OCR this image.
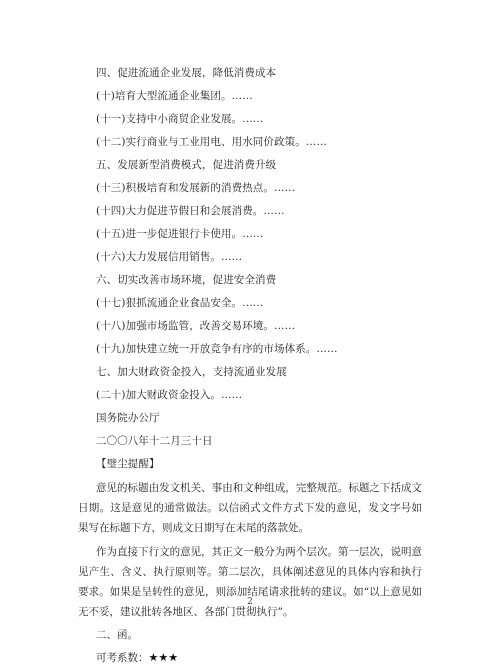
四、促进流通企业发展，降低消费成本
(十)培育大型流通企业集团。……
(十一)支持中小商贸企业发展。……
(十二)实行商业与工业用电、用水同价政策。……
五、发展新型消费模式，促进消费升级
(十三)积极培育和发展新的消费热点。……
(十四)大力促进节假日和会展消费。……
(十五)进一步促进银行卡使用。……
(十六)大力发展信用销售。……
六、切实改善市场环境，促进安全消费
(十七)狠抓流通企业食品安全。……
(十八)加强市场监管，改善交易环境。……
(十九)加快建立统一开放竞争有序的市场体系。……
七、加大财政资金投入，支持流通业发展
(二十)加大财政资金投入。……
国务院办公厅
二〇〇八年十二月三十日
【璧尘提醒】
意见的标题由发文机关、事由和文种组成，完整规范。标题之下括成文日期。这是意见的通常做法。以信函式文件方式下发的意见，发文字号如果写在标题下方，则成文日期写在末尾的落款处。
作为直接下行文的意见，其正文一般分为两个层次。第一层次，说明意见产生、含义、执行原则等。第二层次，具体阐述意见的具体内容和执行要求。如果是呈转性的意见，则添加结尾请求批转的建议。如“以上意见如无不妥，建议批转各地区、各部门贯彻执行”。
2
二、函。
可考系数：★★★
